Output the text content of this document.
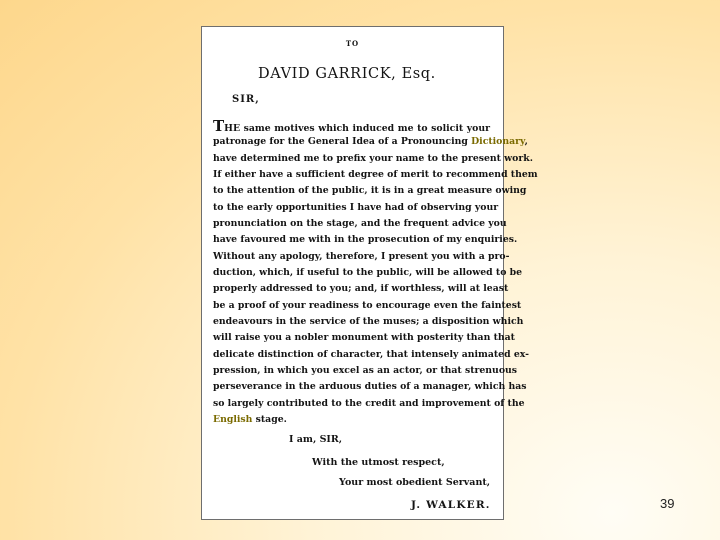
TO
DAVID GARRICK, Esq.
SIR,
THE same motives which induced me to solicit your
patronage for the General Idea of a Pronouncing Dictionary,
have determined me to prefix your name to the present work.
If either have a sufficient degree of merit to recommend them
to the attention of the public, it is in a great measure owing
to the early opportunities I have had of observing your
pronunciation on the stage, and the frequent advice you
have favoured me with in the prosecution of my enquiries.
Without any apology, therefore, I present you with a pro-
duction, which, if useful to the public, will be allowed to be
properly addressed to you; and, if worthless, will at least
be a proof of your readiness to encourage even the faintest
endeavours in the service of the muses; a disposition which
will raise you a nobler monument with posterity than that
delicate distinction of character, that intensely animated ex-
pression, in which you excel as an actor, or that strenuous
perseverance in the arduous duties of a manager, which has
so largely contributed to the credit and improvement of the
English stage.
I am, SIR,
With the utmost respect,
Your most obedient Servant,
J. WALKER.	39
